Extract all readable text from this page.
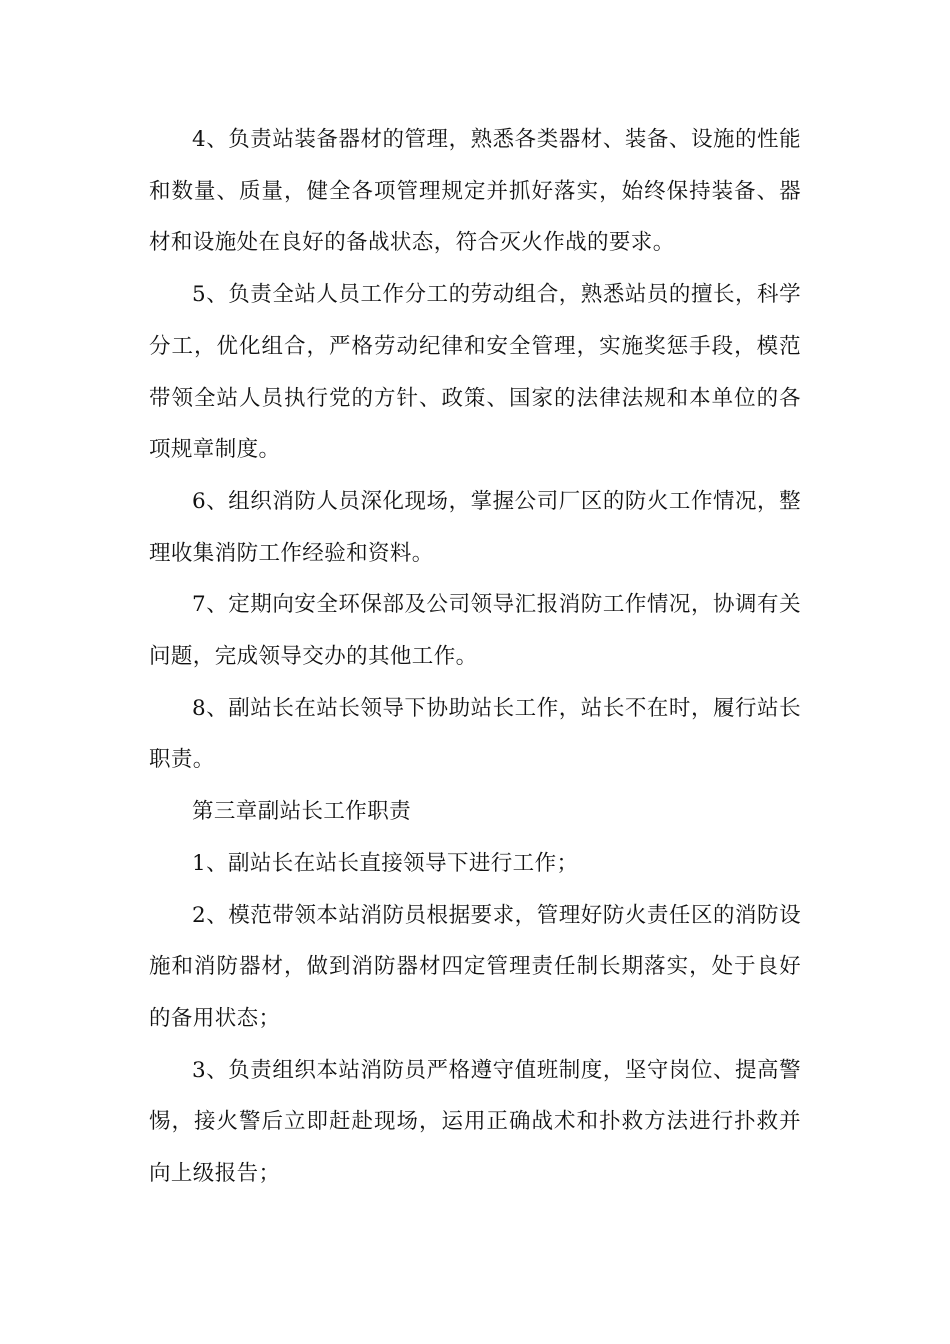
4、负责站装备器材的管理，熟悉各类器材、装备、设施的性能和数量、质量，健全各项管理规定并抓好落实，始终保持装备、器材和设施处在良好的备战状态，符合灭火作战的要求。

5、负责全站人员工作分工的劳动组合，熟悉站员的擅长，科学分工，优化组合，严格劳动纪律和安全管理，实施奖惩手段，模范带领全站人员执行党的方针、政策、国家的法律法规和本单位的各项规章制度。

6、组织消防人员深化现场，掌握公司厂区的防火工作情况，整理收集消防工作经验和资料。

7、定期向安全环保部及公司领导汇报消防工作情况，协调有关问题，完成领导交办的其他工作。

8、副站长在站长领导下协助站长工作，站长不在时，履行站长职责。

第三章副站长工作职责

1、副站长在站长直接领导下进行工作；

2、模范带领本站消防员根据要求，管理好防火责任区的消防设施和消防器材，做到消防器材四定管理责任制长期落实，处于良好的备用状态；

3、负责组织本站消防员严格遵守值班制度，坚守岗位、提高警惕，接火警后立即赶赴现场，运用正确战术和扑救方法进行扑救并向上级报告；
